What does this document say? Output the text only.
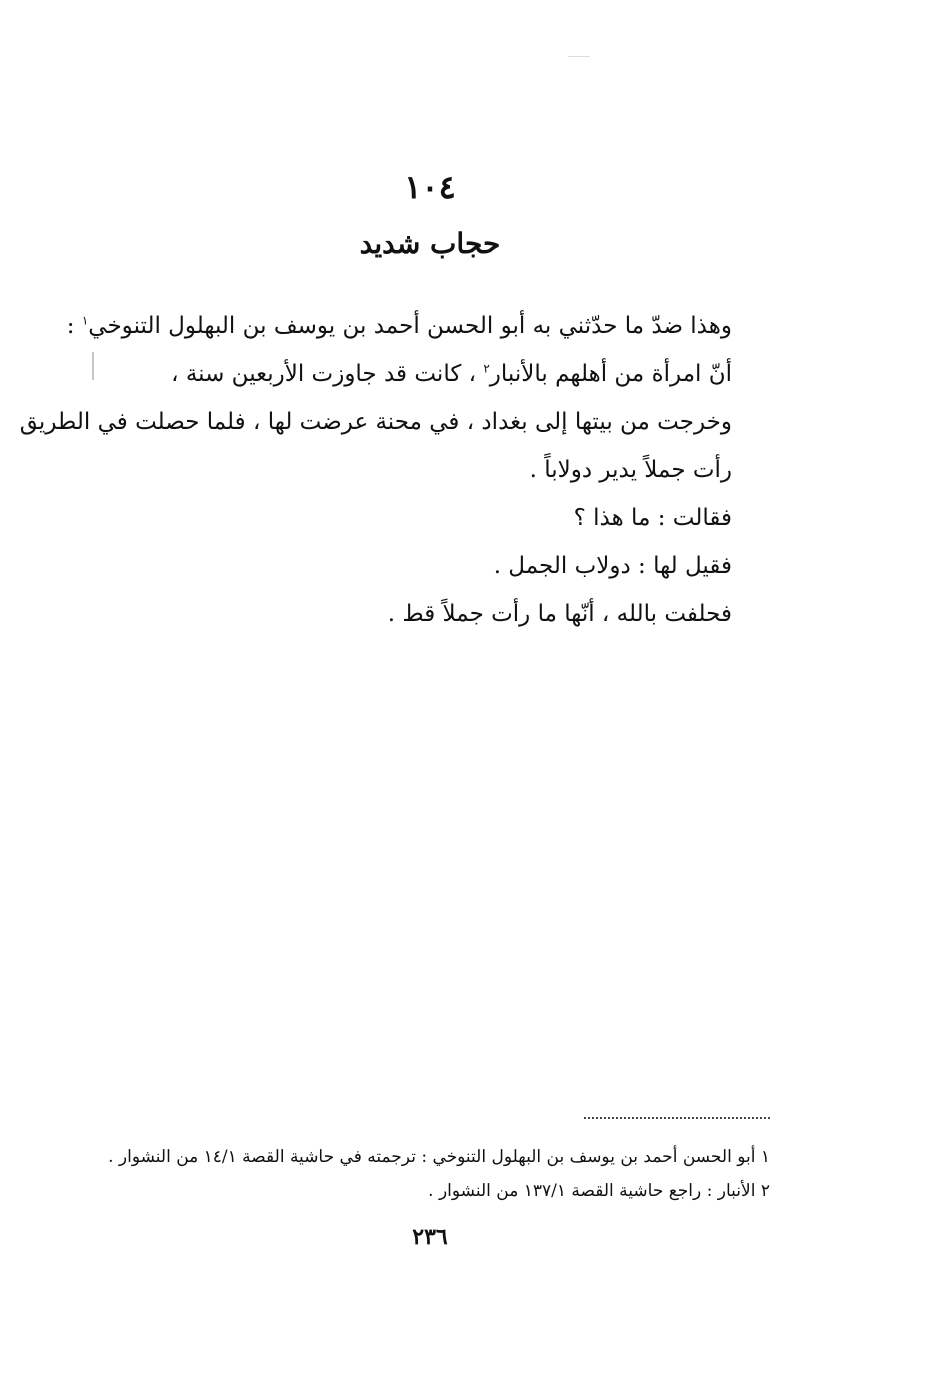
١٠٤
حجاب شديد
وهذا ضدّ ما حدّثني به أبو الحسن أحمد بن يوسف بن البهلول التنوخي$^١$ :
أنّ امرأة من أهلهم بالأنبار$^٢$ ، كانت قد جاوزت الأربعين سنة ،
وخرجت من بيتها إلى بغداد ، في محنة عرضت لها ، فلما حصلت في الطريق
رأت جملاً يدير دولاباً .
فقالت : ما هذا ؟
فقيل لها : دولاب الجمل .
فحلفت بالله ، أنّها ما رأت جملاً قط .
١ أبو الحسن أحمد بن يوسف بن البهلول التنوخي : ترجمته في حاشية القصة ١٤/١ من النشوار .
٢ الأنبار : راجع حاشية القصة ١٣٧/١ من النشوار .
٢٣٦
